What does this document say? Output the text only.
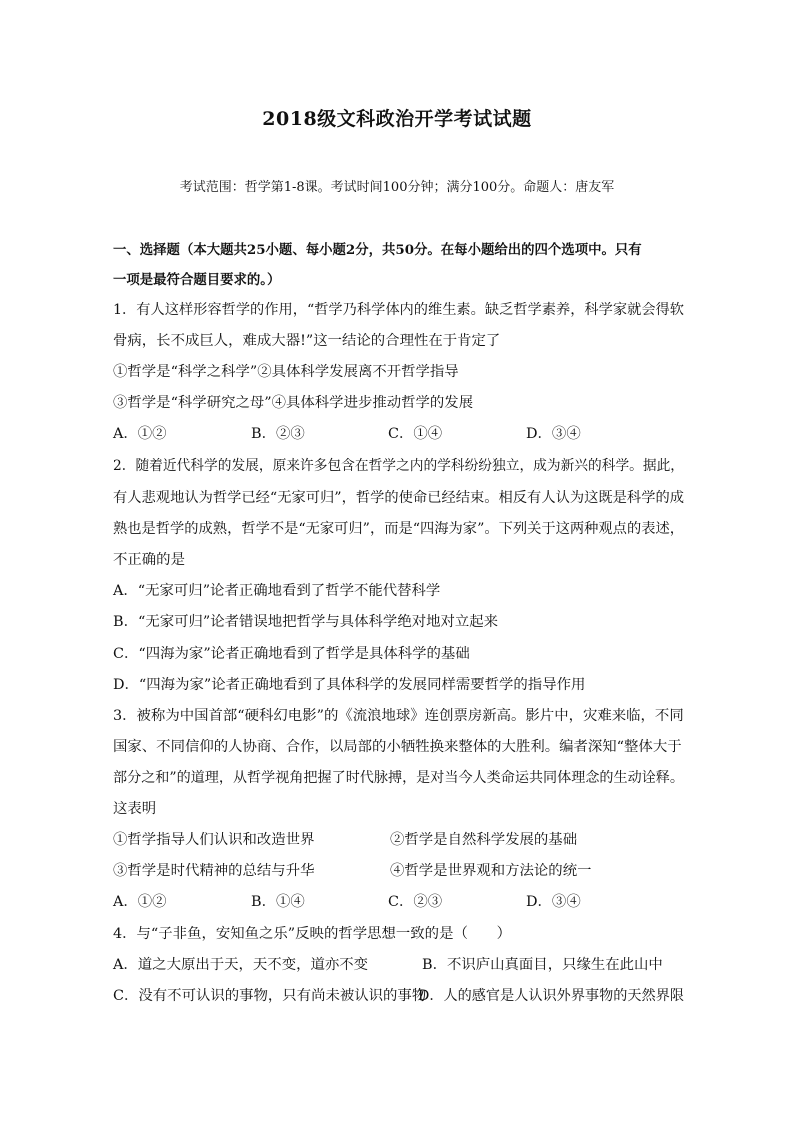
2018级文科政治开学考试试题
考试范围：哲学第1-8课。考试时间100分钟；满分100分。命题人：唐友军
一、选择题（本大题共25小题、每小题2分，共50分。在每小题给出的四个选项中。只有
一项是最符合题目要求的。）
1．有人这样形容哲学的作用，“哲学乃科学体内的维生素。缺乏哲学素养，科学家就会得软
骨病，长不成巨人，难成大器!”这一结论的合理性在于肯定了
①哲学是“科学之科学”②具体科学发展离不开哲学指导
③哲学是“科学研究之母”④具体科学进步推动哲学的发展
A．①②	B．②③	C．①④	D．③④
2．随着近代科学的发展，原来许多包含在哲学之内的学科纷纷独立，成为新兴的科学。据此，
有人悲观地认为哲学已经“无家可归”，哲学的使命已经结束。相反有人认为这既是科学的成
熟也是哲学的成熟，哲学不是“无家可归”，而是“四海为家”。下列关于这两种观点的表述，
不正确的是
A．“无家可归”论者正确地看到了哲学不能代替科学
B．“无家可归”论者错误地把哲学与具体科学绝对地对立起来
C．“四海为家”论者正确地看到了哲学是具体科学的基础
D．“四海为家”论者正确地看到了具体科学的发展同样需要哲学的指导作用
3．被称为中国首部“硬科幻电影”的《流浪地球》连创票房新高。影片中，灾难来临，不同
国家、不同信仰的人协商、合作，以局部的小牺牲换来整体的大胜利。编者深知“整体大于
部分之和”的道理，从哲学视角把握了时代脉搏，是对当今人类命运共同体理念的生动诠释。
这表明
①哲学指导人们认识和改造世界	②哲学是自然科学发展的基础
③哲学是时代精神的总结与升华	④哲学是世界观和方法论的统一
A．①②	B．①④	C．②③	D．③④
4．与“子非鱼，安知鱼之乐”反映的哲学思想一致的是（　　）
A．道之大原出于天，天不变，道亦不变	B．不识庐山真面目，只缘生在此山中
C．没有不可认识的事物，只有尚未被认识的事物
D．人的感官是人认识外界事物的天然界限
